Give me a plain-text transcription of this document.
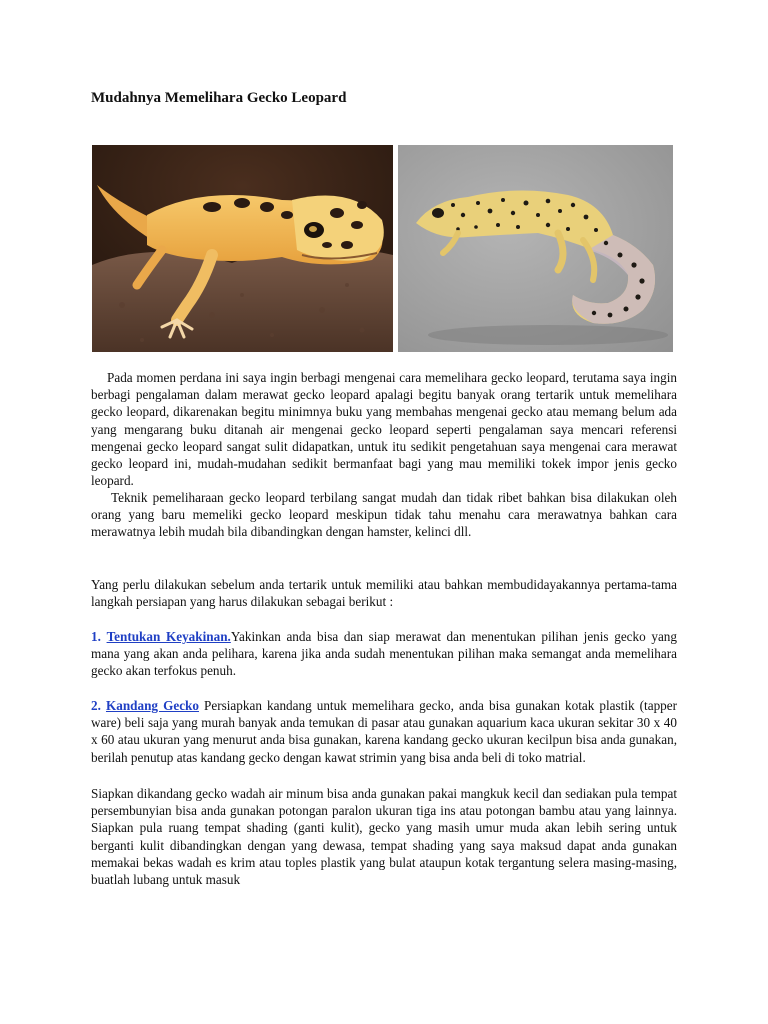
Mudahnya Memelihara Gecko Leopard

Pada momen perdana ini saya ingin berbagi mengenai cara memelihara gecko leopard, terutama saya ingin berbagi pengalaman dalam merawat gecko leopard apalagi begitu banyak orang tertarik untuk memelihara gecko leopard, dikarenakan begitu minimnya buku yang membahas mengenai gecko atau memang belum ada yang mengarang buku ditanah air mengenai gecko leopard seperti pengalaman saya mencari referensi mengenai gecko leopard sangat sulit didapatkan, untuk itu sedikit pengetahuan saya mengenai cara merawat gecko leopard ini, mudah-mudahan sedikit bermanfaat bagi yang mau memiliki tokek impor jenis gecko leopard.

Teknik pemeliharaan gecko leopard terbilang sangat mudah dan tidak ribet bahkan bisa dilakukan oleh orang yang baru memeliki gecko leopard meskipun tidak tahu menahu cara merawatnya bahkan cara merawatnya lebih mudah bila dibandingkan dengan hamster, kelinci dll.

Yang perlu dilakukan sebelum anda tertarik untuk memiliki atau bahkan membudidayakannya pertama-tama langkah persiapan yang harus dilakukan sebagai berikut :

1. Tentukan Keyakinan.Yakinkan anda bisa dan siap merawat dan menentukan pilihan jenis gecko yang mana yang akan anda pelihara, karena jika anda sudah menentukan pilihan maka semangat anda memelihara gecko akan terfokus penuh.

2. Kandang Gecko Persiapkan kandang untuk memelihara gecko, anda bisa gunakan kotak plastik (tapper ware) beli saja yang murah banyak anda temukan di pasar atau gunakan aquarium kaca ukuran sekitar 30 x 40 x 60 atau ukuran yang menurut anda bisa gunakan, karena kandang gecko ukuran kecilpun bisa anda gunakan, berilah penutup atas kandang gecko dengan kawat strimin yang bisa anda beli di toko matrial.

Siapkan dikandang gecko wadah air minum bisa anda gunakan pakai mangkuk kecil dan sediakan pula tempat persembunyian bisa anda gunakan potongan paralon ukuran tiga ins atau potongan bambu atau yang lainnya. Siapkan pula ruang tempat shading (ganti kulit), gecko yang masih umur muda akan lebih sering untuk berganti kulit dibandingkan dengan yang dewasa, tempat shading yang saya maksud dapat anda gunakan memakai bekas wadah es krim atau toples plastik yang bulat ataupun kotak tergantung selera masing-masing, buatlah lubang untuk masuk
